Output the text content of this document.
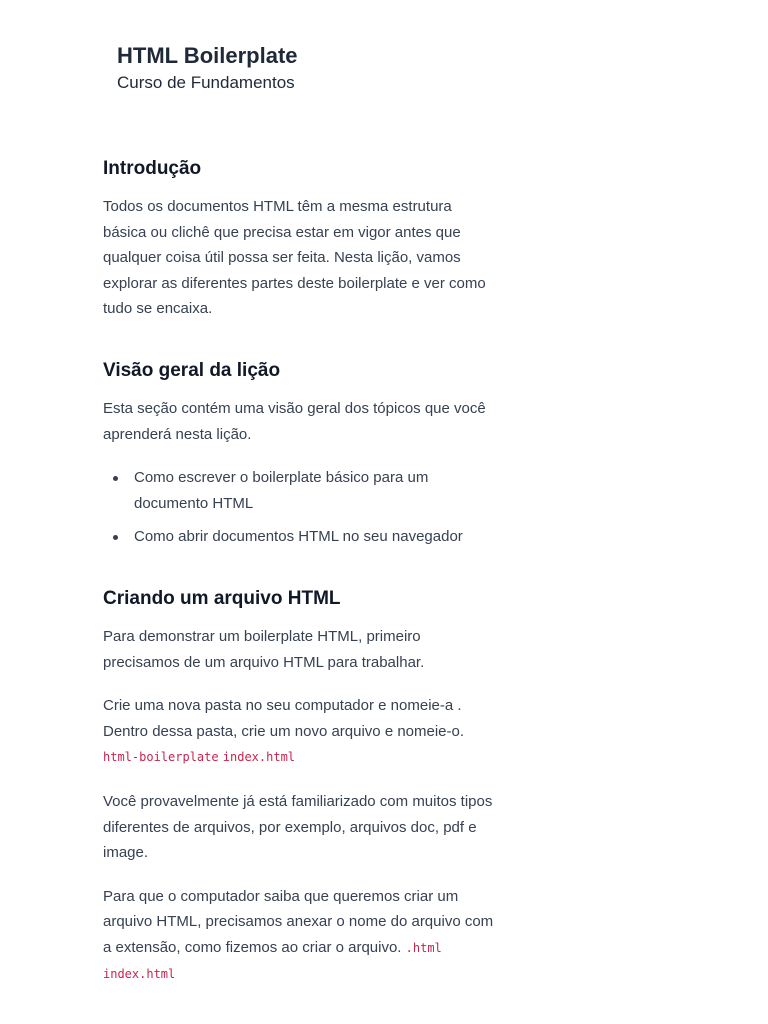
HTML Boilerplate
Curso de Fundamentos
Introdução

Todos os documentos HTML têm a mesma estrutura básica ou clichê que precisa estar em vigor antes que qualquer coisa útil possa ser feita. Nesta lição, vamos explorar as diferentes partes deste boilerplate e ver como tudo se encaixa.

Visão geral da lição

Esta seção contém uma visão geral dos tópicos que você aprenderá nesta lição.

Como escrever o boilerplate básico para um documento HTML
Como abrir documentos HTML no seu navegador
Criando um arquivo HTML

Para demonstrar um boilerplate HTML, primeiro precisamos de um arquivo HTML para trabalhar.

Crie uma nova pasta no seu computador e nomeie-a . Dentro dessa pasta, crie um novo arquivo e nomeie-o. html-boilerplate index.html

Você provavelmente já está familiarizado com muitos tipos diferentes de arquivos, por exemplo, arquivos doc, pdf e image.

Para que o computador saiba que queremos criar um arquivo HTML, precisamos anexar o nome do arquivo com a extensão, como fizemos ao criar o arquivo. .html index.html
